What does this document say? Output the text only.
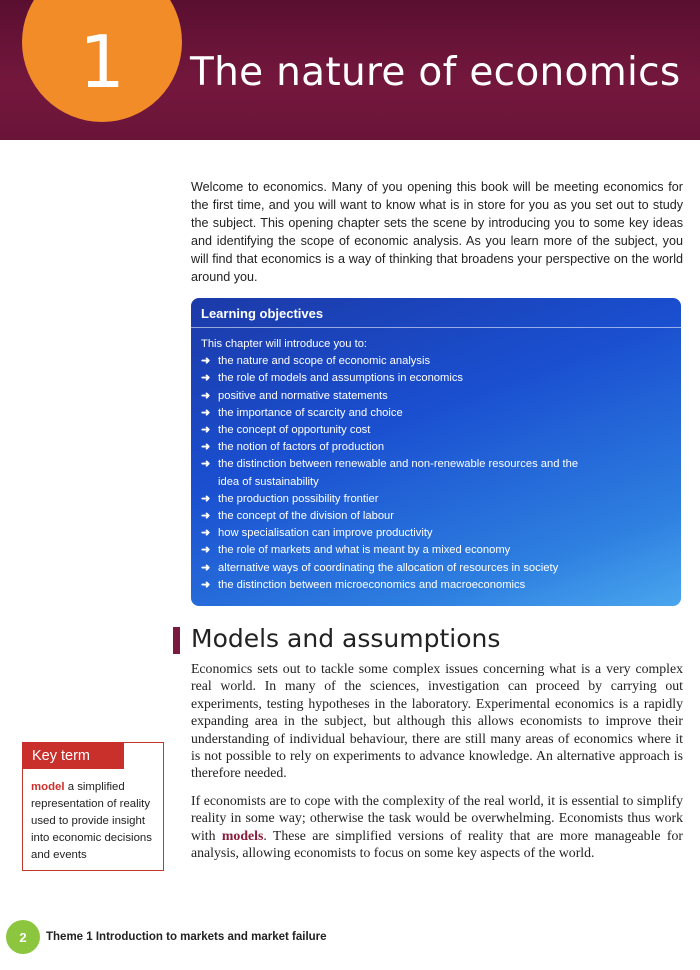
1 The nature of economics

Welcome to economics. Many of you opening this book will be meeting economics for the first time, and you will want to know what is in store for you as you set out to study the subject. This opening chapter sets the scene by introducing you to some key ideas and identifying the scope of economic analysis. As you learn more of the subject, you will find that economics is a way of thinking that broadens your perspective on the world around you.

Learning objectives
This chapter will introduce you to:
➜ the nature and scope of economic analysis
➜ the role of models and assumptions in economics
➜ positive and normative statements
➜ the importance of scarcity and choice
➜ the concept of opportunity cost
➜ the notion of factors of production
➜ the distinction between renewable and non-renewable resources and the idea of sustainability
➜ the production possibility frontier
➜ the concept of the division of labour
➜ how specialisation can improve productivity
➜ the role of markets and what is meant by a mixed economy
➜ alternative ways of coordinating the allocation of resources in society
➜ the distinction between microeconomics and macroeconomics
Models and assumptions

Economics sets out to tackle some complex issues concerning what is a very complex real world. In many of the sciences, investigation can proceed by carrying out experiments, testing hypotheses in the laboratory. Experimental economics is a rapidly expanding area in the subject, but although this allows economists to improve their understanding of individual behaviour, there are still many areas of economics where it is not possible to rely on experiments to advance knowledge. An alternative approach is therefore needed.

If economists are to cope with the complexity of the real world, it is essential to simplify reality in some way; otherwise the task would be overwhelming. Economists thus work with models. These are simplified versions of reality that are more manageable for analysis, allowing economists to focus on some key aspects of the world.

Key term
model a simplified representation of reality used to provide insight into economic decisions and events
2 Theme 1 Introduction to markets and market failure
